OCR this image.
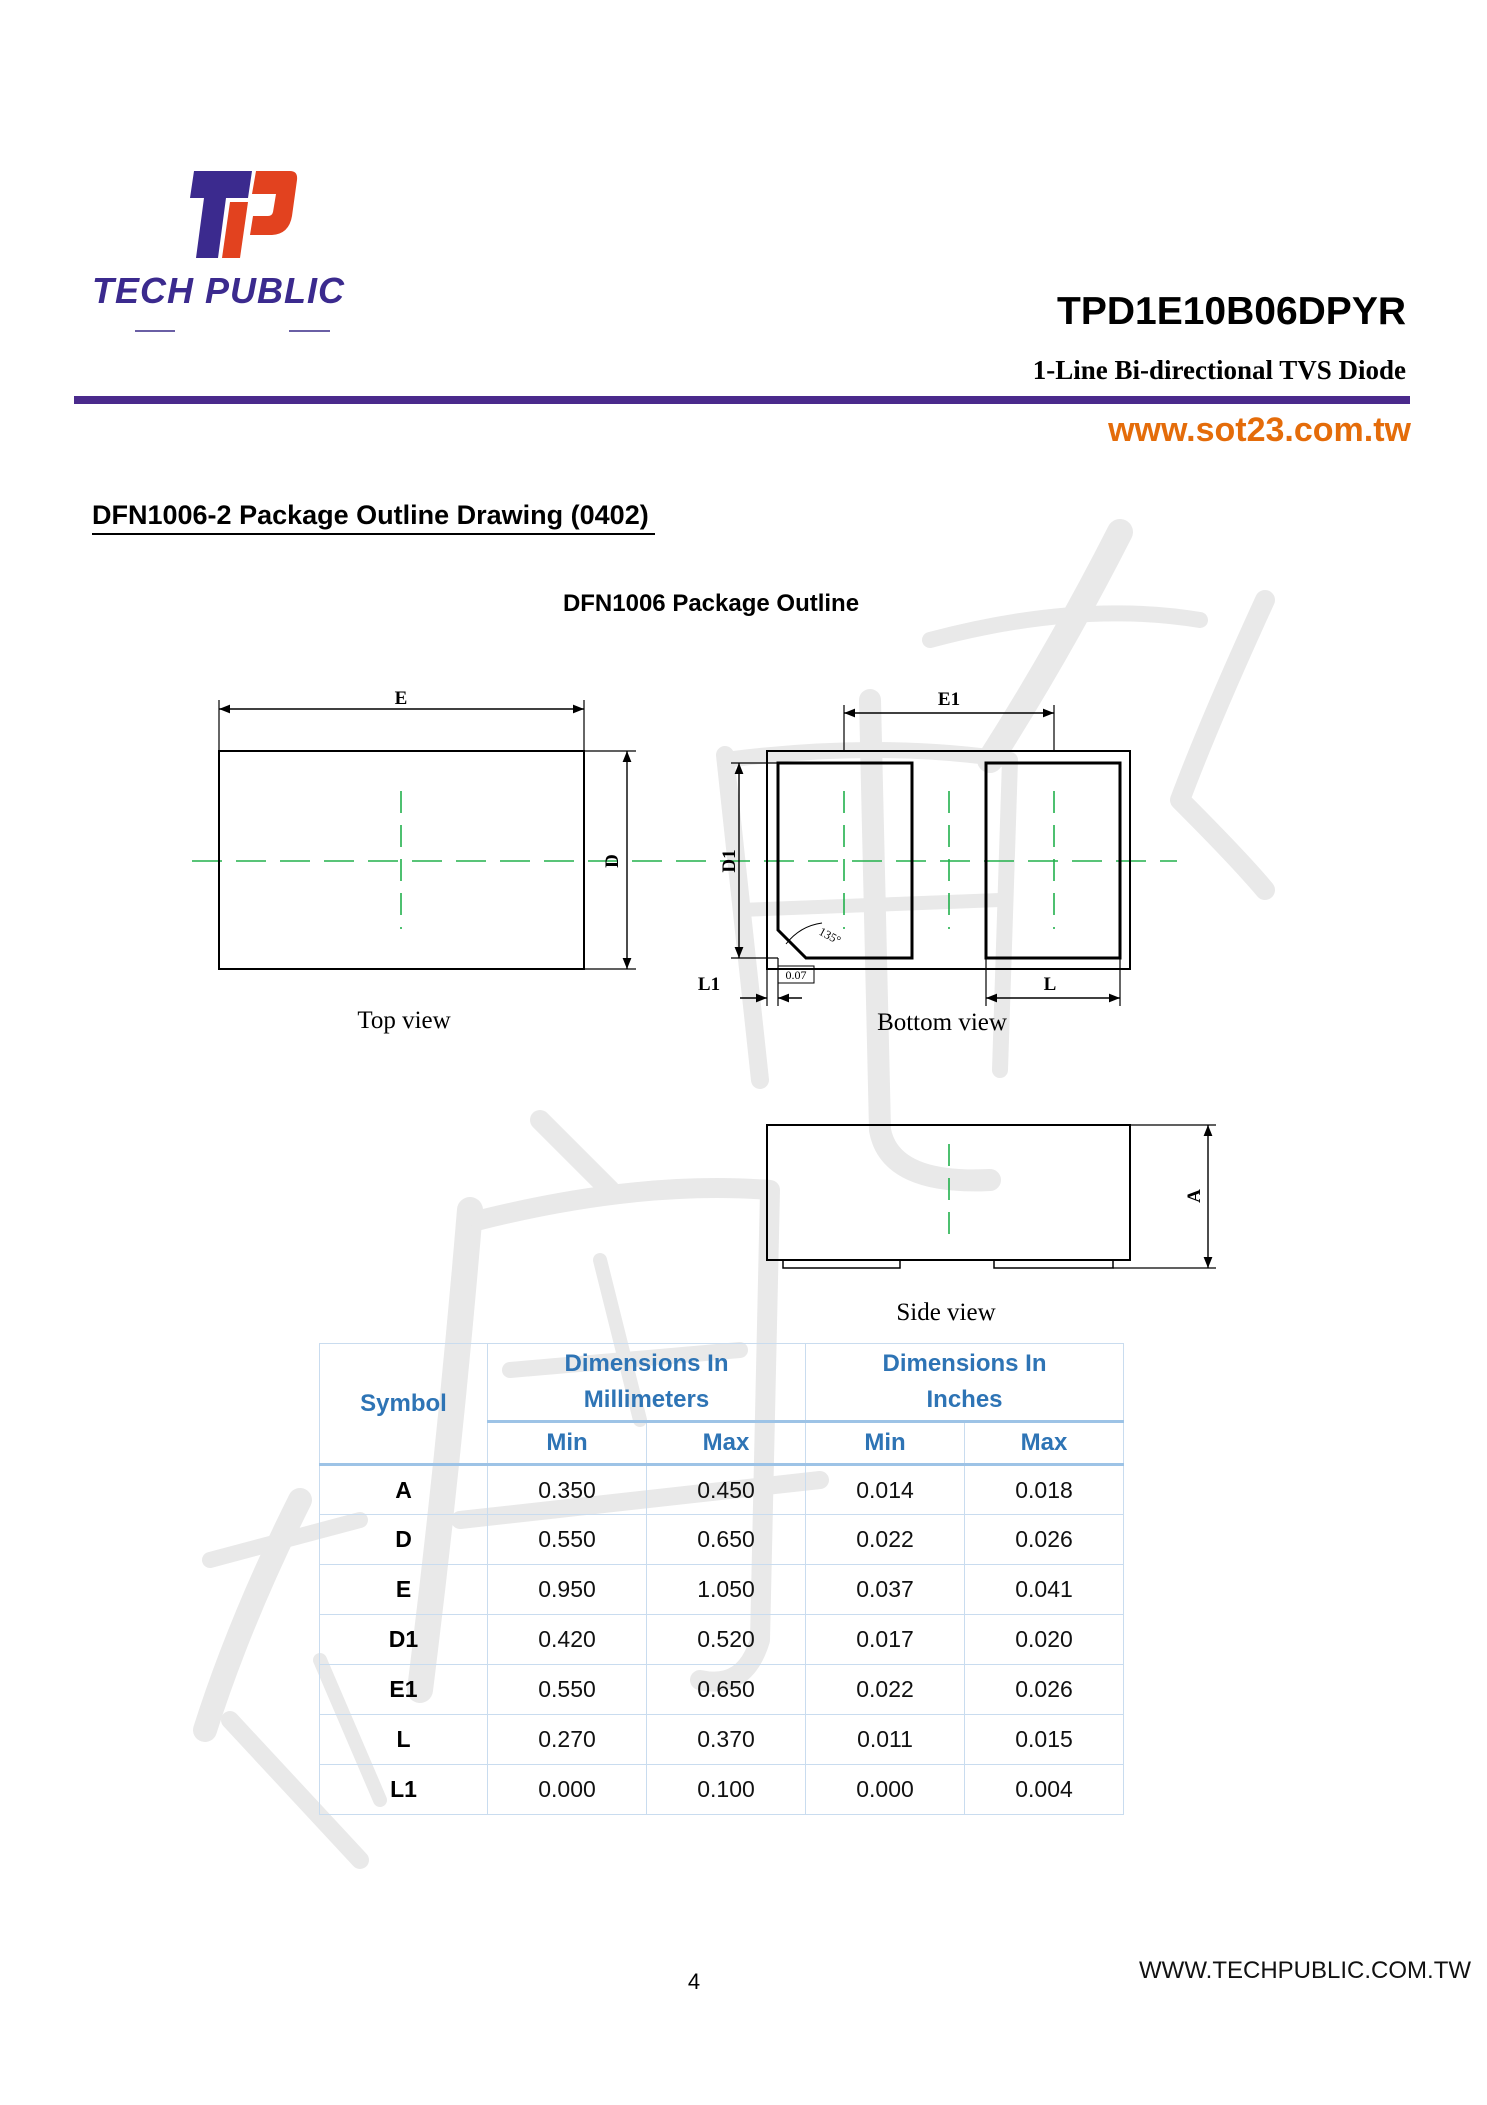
TECH PUBLIC	TPD1E10B06DPYR
1-Line Bi-directional TVS Diode
www.sot23.com.tw
DFN1006-2 Package Outline Drawing (0402)
DFN1006 Package Outline
E
D
Top view
E1
D1
L1	L
0.07
135°
Bottom view
A
Side view
Symbol	Dimensions In Millimeters		Dimensions In Inches	
	Min	Max	Min	Max
A	0.350	0.450	0.014	0.018
D	0.550	0.650	0.022	0.026
E	0.950	1.050	0.037	0.041
D1	0.420	0.520	0.017	0.020
E1	0.550	0.650	0.022	0.026
L	0.270	0.370	0.011	0.015
L1	0.000	0.100	0.000	0.004
4	WWW.TECHPUBLIC.COM.TW
